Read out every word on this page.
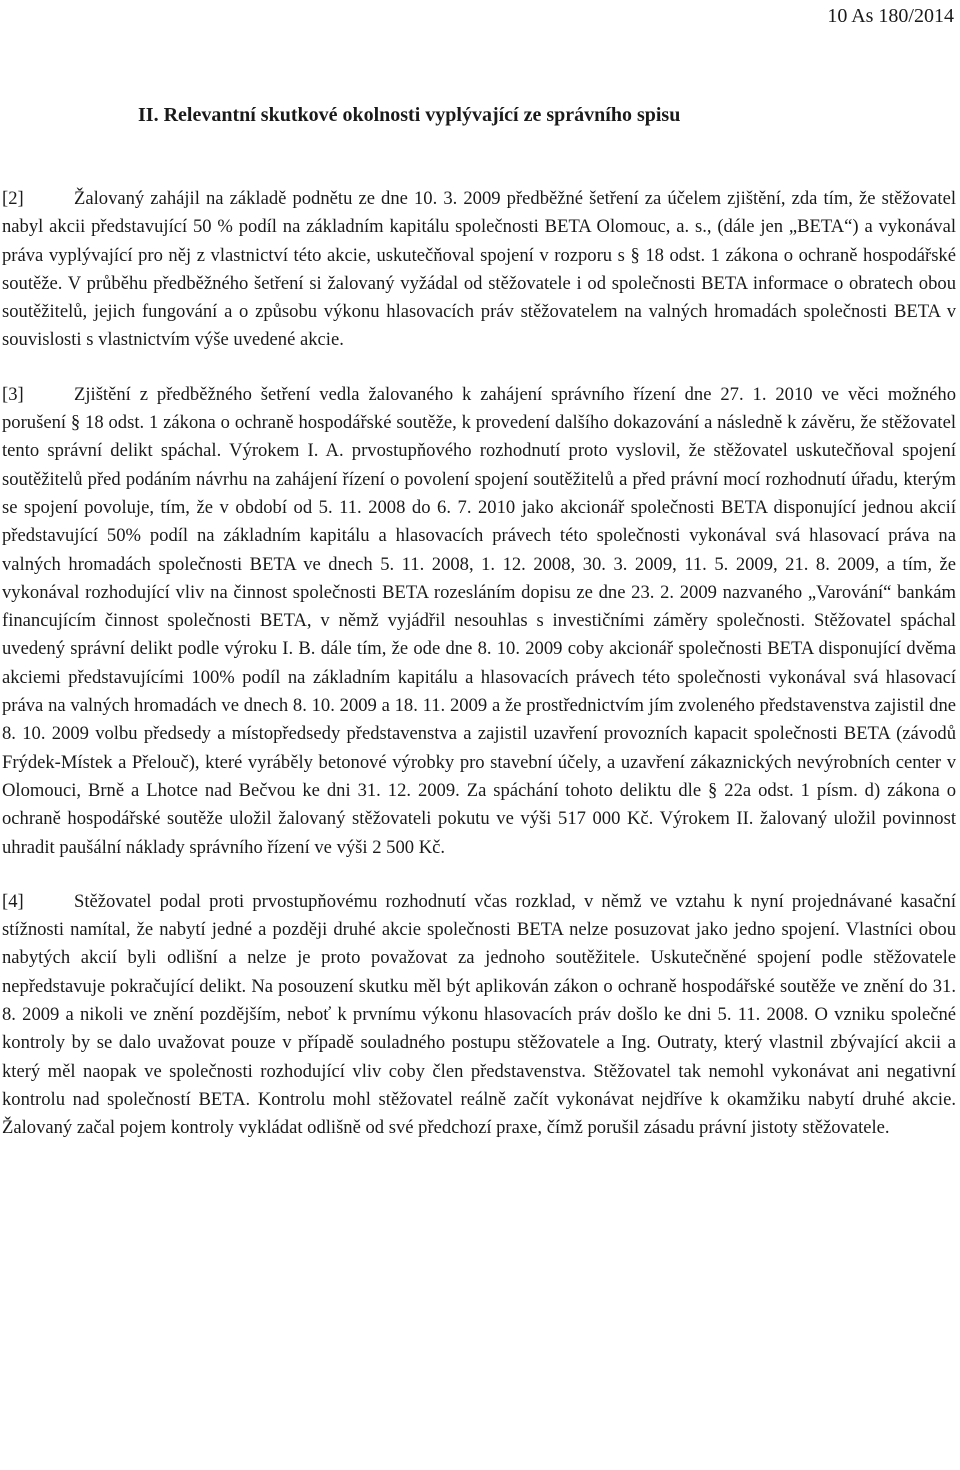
10 As 180/2014
II. Relevantní skutkové okolnosti vyplývající ze správního spisu

[2]	Žalovaný zahájil na základě podnětu ze dne 10. 3. 2009 předběžné šetření za účelem zjištění, zda tím, že stěžovatel nabyl akcii představující 50 % podíl na základním kapitálu společnosti BETA Olomouc, a. s., (dále jen „BETA“) a vykonával práva vyplývající pro něj z vlastnictví této akcie, uskutečňoval spojení v rozporu s § 18 odst. 1 zákona o ochraně hospodářské soutěže. V průběhu předběžného šetření si žalovaný vyžádal od stěžovatele i od společnosti BETA informace o obratech obou soutěžitelů, jejich fungování a o způsobu výkonu hlasovacích práv stěžovatelem na valných hromadách společnosti BETA v souvislosti s vlastnictvím výše uvedené akcie.

[3]	Zjištění z předběžného šetření vedla žalovaného k zahájení správního řízení dne 27. 1. 2010 ve věci možného porušení § 18 odst. 1 zákona o ochraně hospodářské soutěže, k provedení dalšího dokazování a následně k závěru, že stěžovatel tento správní delikt spáchal. Výrokem I. A. prvostupňového rozhodnutí proto vyslovil, že stěžovatel uskutečňoval spojení soutěžitelů před podáním návrhu na zahájení řízení o povolení spojení soutěžitelů a před právní mocí rozhodnutí úřadu, kterým se spojení povoluje, tím, že v období od 5. 11. 2008 do 6. 7. 2010 jako akcionář společnosti BETA disponující jednou akcií představující 50% podíl na základním kapitálu a hlasovacích právech této společnosti vykonával svá hlasovací práva na valných hromadách společnosti BETA ve dnech 5. 11. 2008, 1. 12. 2008, 30. 3. 2009, 11. 5. 2009, 21. 8. 2009, a tím, že vykonával rozhodující vliv na činnost společnosti BETA rozesláním dopisu ze dne 23. 2. 2009 nazvaného „Varování“ bankám financujícím činnost společnosti BETA, v němž vyjádřil nesouhlas s investičními záměry společnosti. Stěžovatel spáchal uvedený správní delikt podle výroku I. B. dále tím, že ode dne 8. 10. 2009 coby akcionář společnosti BETA disponující dvěma akciemi představujícími 100% podíl na základním kapitálu a hlasovacích právech této společnosti vykonával svá hlasovací práva na valných hromadách ve dnech 8. 10. 2009 a 18. 11. 2009 a že prostřednictvím jím zvoleného představenstva zajistil dne 8. 10. 2009 volbu předsedy a místopředsedy představenstva a zajistil uzavření provozních kapacit společnosti BETA (závodů Frýdek-Místek a Přelouč), které vyráběly betonové výrobky pro stavební účely, a uzavření zákaznických nevýrobních center v Olomouci, Brně a Lhotce nad Bečvou ke dni 31. 12. 2009. Za spáchání tohoto deliktu dle § 22a odst. 1 písm. d) zákona o ochraně hospodářské soutěže uložil žalovaný stěžovateli pokutu ve výši 517 000 Kč. Výrokem II. žalovaný uložil povinnost uhradit paušální náklady správního řízení ve výši 2 500 Kč.

[4]	Stěžovatel podal proti prvostupňovému rozhodnutí včas rozklad, v němž ve vztahu k nyní projednávané kasační stížnosti namítal, že nabytí jedné a později druhé akcie společnosti BETA nelze posuzovat jako jedno spojení. Vlastníci obou nabytých akcií byli odlišní a nelze je proto považovat za jednoho soutěžitele. Uskutečněné spojení podle stěžovatele nepředstavuje pokračující delikt. Na posouzení skutku měl být aplikován zákon o ochraně hospodářské soutěže ve znění do 31. 8. 2009 a nikoli ve znění pozdějším, neboť k prvnímu výkonu hlasovacích práv došlo ke dni 5. 11. 2008. O vzniku společné kontroly by se dalo uvažovat pouze v případě souladného postupu stěžovatele a Ing. Outraty, který vlastnil zbývající akcii a který měl naopak ve společnosti rozhodující vliv coby člen představenstva. Stěžovatel tak nemohl vykonávat ani negativní kontrolu nad společností BETA. Kontrolu mohl stěžovatel reálně začít vykonávat nejdříve k okamžiku nabytí druhé akcie. Žalovaný začal pojem kontroly vykládat odlišně od své předchozí praxe, čímž porušil zásadu právní jistoty stěžovatele.
